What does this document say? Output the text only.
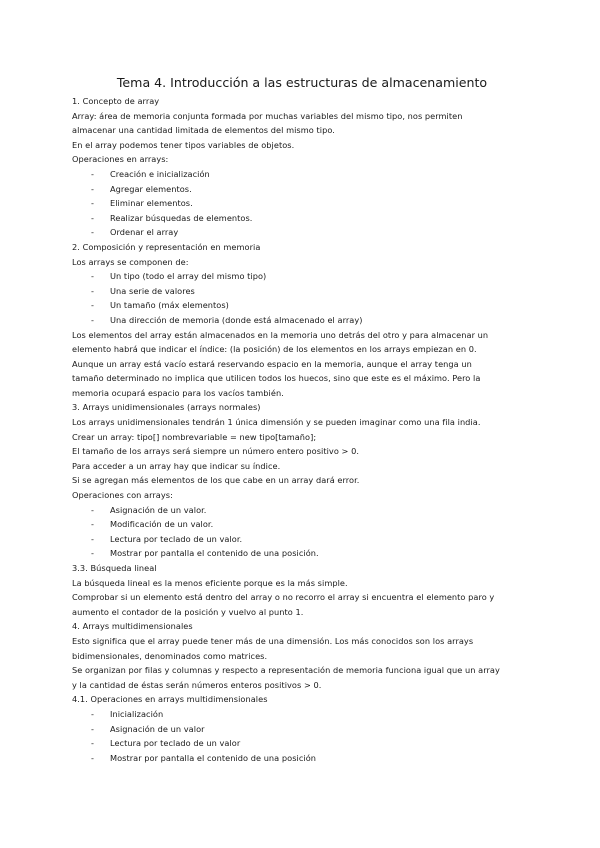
Tema 4. Introducción a las estructuras de almacenamiento

1. Concepto de array

Array: área de memoria conjunta formada por muchas variables del mismo tipo, nos permiten

almacenar una cantidad limitada de elementos del mismo tipo.

En el array podemos tener tipos variables de objetos.

Operaciones en arrays:

- Creación e inicialización
- Agregar elementos.
- Eliminar elementos.
- Realizar búsquedas de elementos.
- Ordenar el array

2. Composición y representación en memoria

Los arrays se componen de:

- Un tipo (todo el array del mismo tipo)
- Una serie de valores
- Un tamaño (máx elementos)
- Una dirección de memoria (donde está almacenado el array)

Los elementos del array están almacenados en la memoria uno detrás del otro y para almacenar un

elemento habrá que indicar el índice: (la posición) de los elementos en los arrays empiezan en 0.

Aunque un array está vacío estará reservando espacio en la memoria, aunque el array tenga un

tamaño determinado no implica que utilicen todos los huecos, sino que este es el máximo. Pero la

memoria ocupará espacio para los vacíos también.

3. Arrays unidimensionales (arrays normales)

Los arrays unidimensionales tendrán 1 única dimensión y se pueden imaginar como una fila india.

Crear un array: tipo[] nombrevariable = new tipo[tamaño];

El tamaño de los arrays será siempre un número entero positivo > 0.

Para acceder a un array hay que indicar su índice.

Si se agregan más elementos de los que cabe en un array dará error.

Operaciones con arrays:

- Asignación de un valor.
- Modificación de un valor.
- Lectura por teclado de un valor.
- Mostrar por pantalla el contenido de una posición.

3.3. Búsqueda lineal

La búsqueda lineal es la menos eficiente porque es la más simple.

Comprobar si un elemento está dentro del array o no recorro el array si encuentra el elemento paro y

aumento el contador de la posición y vuelvo al punto 1.

4. Arrays multidimensionales

Esto significa que el array puede tener más de una dimensión. Los más conocidos son los arrays

bidimensionales, denominados como matrices.

Se organizan por filas y columnas y respecto a representación de memoria funciona igual que un array

y la cantidad de éstas serán números enteros positivos > 0.

4.1. Operaciones en arrays multidimensionales

- Inicialización
- Asignación de un valor
- Lectura por teclado de un valor
- Mostrar por pantalla el contenido de una posición
